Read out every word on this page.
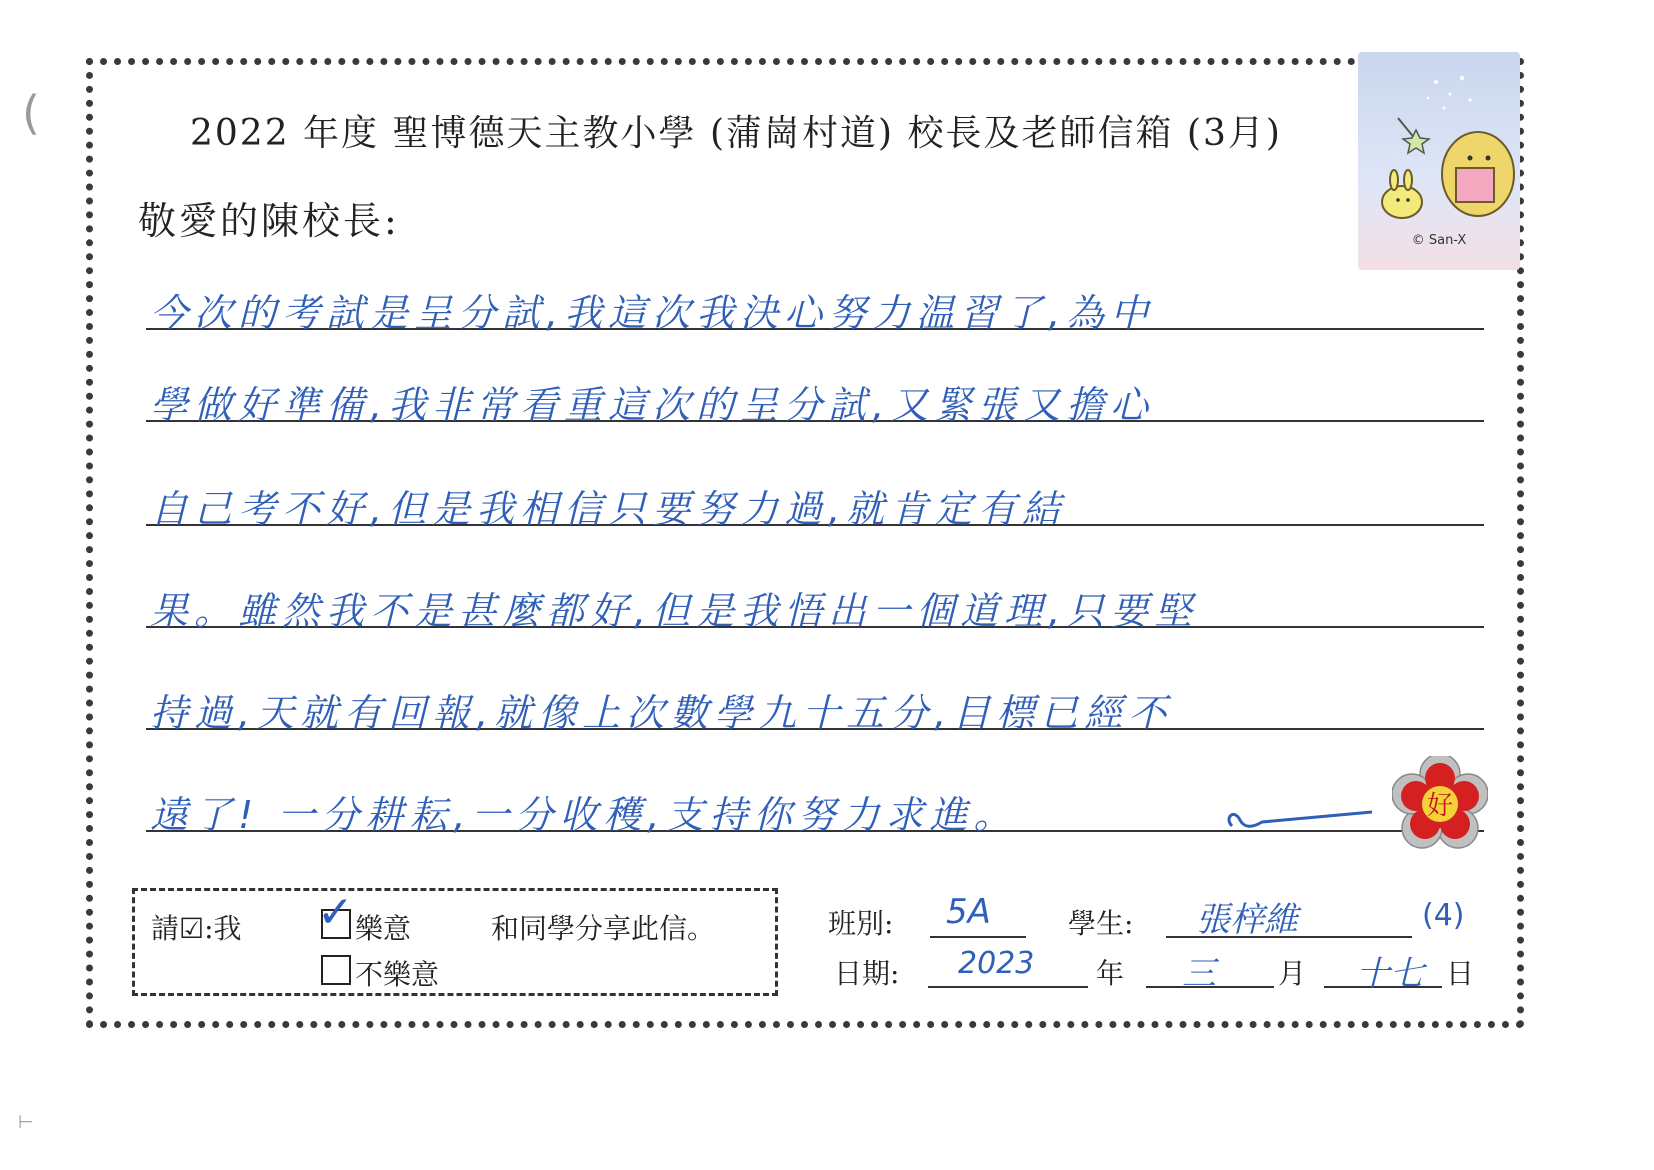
(
⊢
© San-X
2022 年度 聖博德天主教小學 (蒲崗村道) 校長及老師信箱 (3月)
敬愛的陳校長:
今次的考試是呈分試,我這次我決心努力温習了,為中
學做好準備,我非常看重這次的呈分試,又緊張又擔心
自己考不好,但是我相信只要努力過,就肯定有結
果。雖然我不是甚麼都好,但是我悟出一個道理,只要堅
持過,天就有回報,就像上次數學九十五分,目標已經不
遠了! 一分耕耘,一分收穫,支持你努力求進。	好
請☑:我 ✓ 樂意	和同學分享此信。
不樂意
班別: 5A	學生: 張梓維	(4)
日期: 2023 年 三 月 十七 日
